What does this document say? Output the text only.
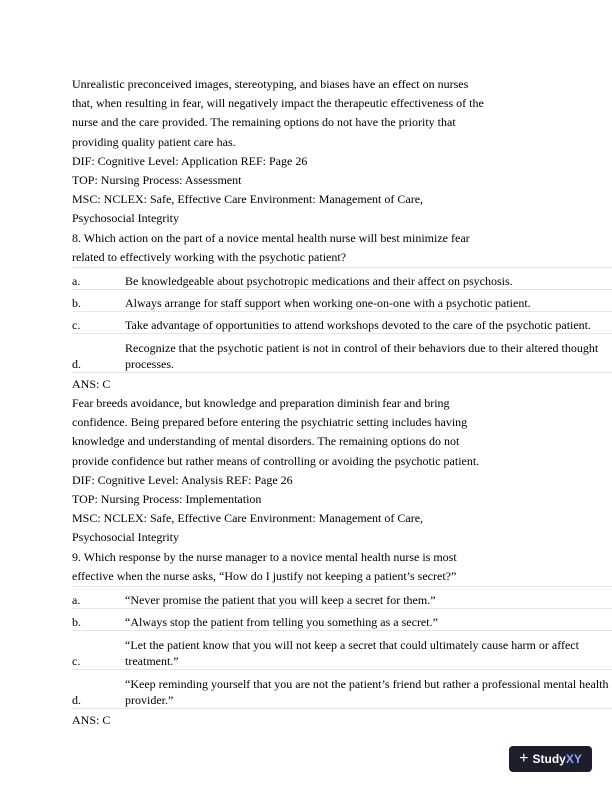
Unrealistic preconceived images, stereotyping, and biases have an effect on nurses
that, when resulting in fear, will negatively impact the therapeutic effectiveness of the
nurse and the care provided. The remaining options do not have the priority that
providing quality patient care has.
DIF: Cognitive Level: Application REF: Page 26
TOP: Nursing Process: Assessment
MSC: NCLEX: Safe, Effective Care Environment: Management of Care,
Psychosocial Integrity
8. Which action on the part of a novice mental health nurse will best minimize fear
related to effectively working with the psychotic patient?
a.	Be knowledgeable about psychotropic medications and their affect on psychosis.
b.	Always arrange for staff support when working one-on-one with a psychotic patient.
c.	Take advantage of opportunities to attend workshops devoted to the care of the psychotic patient.
d.	Recognize that the psychotic patient is not in control of their behaviors due to their altered thought
processes.
ANS: C
Fear breeds avoidance, but knowledge and preparation diminish fear and bring
confidence. Being prepared before entering the psychiatric setting includes having
knowledge and understanding of mental disorders. The remaining options do not
provide confidence but rather means of controlling or avoiding the psychotic patient.
DIF: Cognitive Level: Analysis REF: Page 26
TOP: Nursing Process: Implementation
MSC: NCLEX: Safe, Effective Care Environment: Management of Care,
Psychosocial Integrity
9. Which response by the nurse manager to a novice mental health nurse is most
effective when the nurse asks, “How do I justify not keeping a patient’s secret?”
a.	“Never promise the patient that you will keep a secret for them.”
b.	“Always stop the patient from telling you something as a secret.”
c.	“Let the patient know that you will not keep a secret that could ultimately cause harm or affect
treatment.”

d.	“Keep reminding yourself that you are not the patient’s friend but rather a professional mental health
provider.”
ANS: C
+ Study XY
